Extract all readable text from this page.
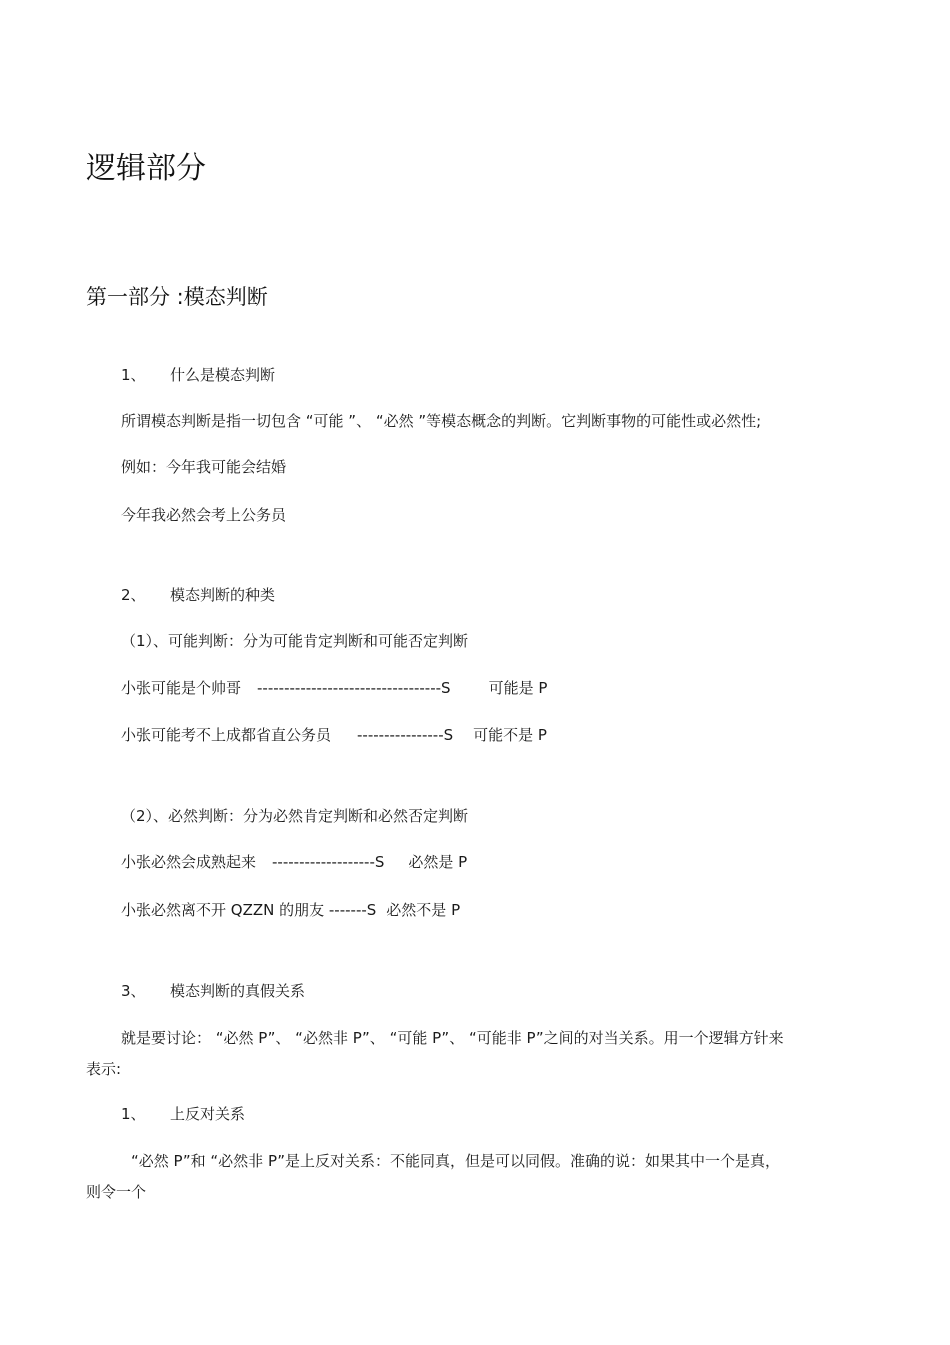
逻辑部分
第一部分 :模态判断
1、 什么是模态判断
所谓模态判断是指一切包含 “可能 ”、 “必然 ”等模态概念的判断。它判断事物的可能性或必然性;
例如：今年我可能会结婚
今年我必然会考上公务员
2、 模态判断的种类
（1）、可能判断：分为可能肯定判断和可能否定判断
小张可能是个帅哥 ----------------------------------S	可能是 P
小张可能考不上成都省直公务员 ----------------S 可能不是 P
（2）、必然判断：分为必然肯定判断和必然否定判断
小张必然会成熟起来 -------------------S 必然是 P
小张必然离不开 QZZN 的朋友 -------S 必然不是 P
3、 模态判断的真假关系
就是要讨论： “必然 P”、 “必然非 P”、 “可能 P”、 “可能非 P”之间的对当关系。用一个逻辑方针来
表示:
1、 上反对关系
“必然 P”和 “必然非 P”是上反对关系：不能同真，但是可以同假。准确的说：如果其中一个是真，
则令一个
